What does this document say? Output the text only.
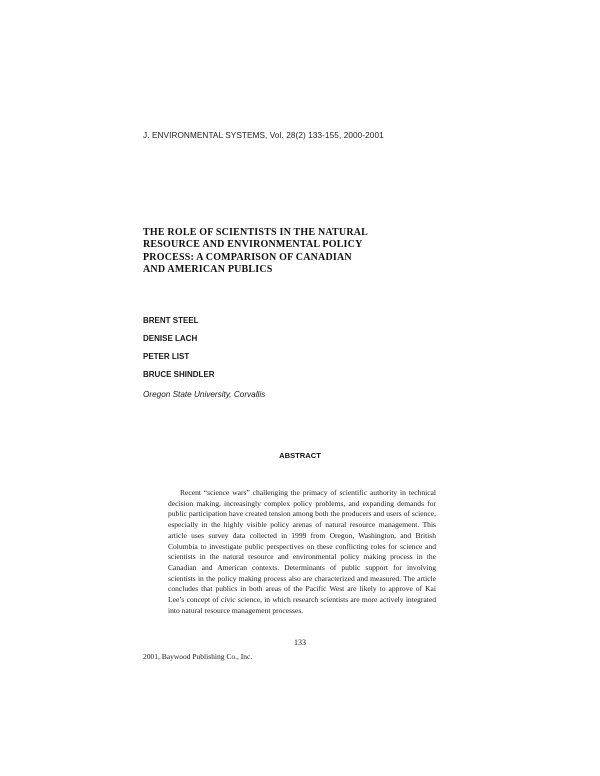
J. ENVIRONMENTAL SYSTEMS, Vol. 28(2) 133-155, 2000-2001
THE ROLE OF SCIENTISTS IN THE NATURAL
RESOURCE AND ENVIRONMENTAL POLICY
PROCESS: A COMPARISON OF CANADIAN
AND AMERICAN PUBLICS
BRENT STEEL
DENISE LACH
PETER LIST
BRUCE SHINDLER
Oregon State University, Corvallis
ABSTRACT
Recent “science wars” challenging the primacy of scientific authority in technical decision making, increasingly complex policy problems, and expanding demands for public participation have created tension among both the producers and users of science, especially in the highly visible policy arenas of natural resource management. This article uses survey data collected in 1999 from Oregon, Washington, and British Columbia to investigate public perspectives on these conflicting roles for science and scientists in the natural resource and environmental policy making process in the Canadian and American contexts. Determinants of public support for involving scientists in the policy making process also are characterized and measured. The article concludes that publics in both areas of the Pacific West are likely to approve of Kai Lee’s concept of civic science, in which research scientists are more actively integrated into natural resource management processes.
133
2001, Baywood Publishing Co., Inc.
